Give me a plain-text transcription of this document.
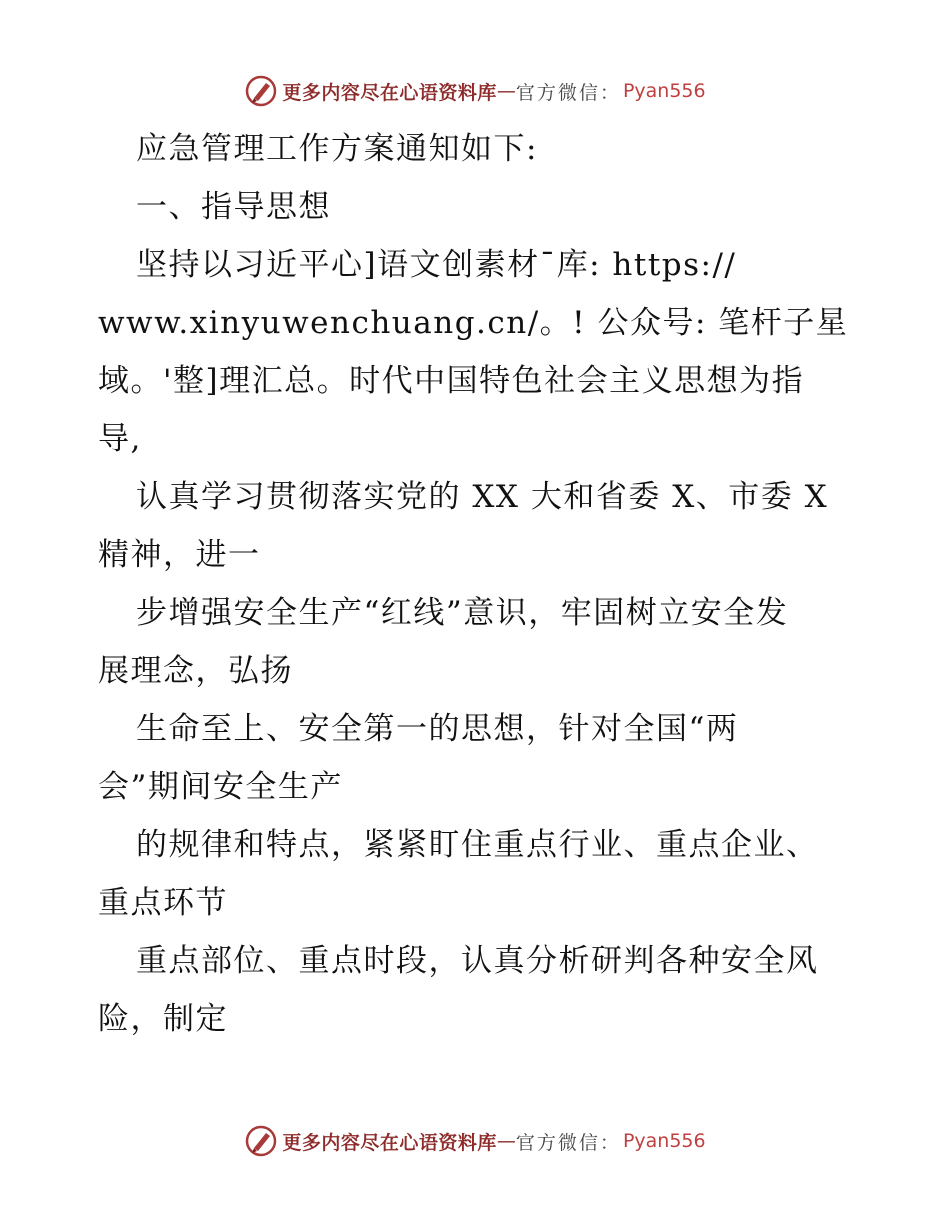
更多内容尽在心语资料库 — 官方微信 ： Pyan556
应急管理工作方案通知如下:
一、指导思想
坚持以习近平心]语文创素材¯库: https://
www.xinyuwenchuang.cn/。! 公众号: 笔杆子星
域。'整]理汇总。时代中国特色社会主义思想为指
导,
认真学习贯彻落实党的 XX 大和省委 X、市委 X
精神，进一
步增强安全生产“红线”意识，牢固树立安全发
展理念，弘扬
生命至上、安全第一的思想，针对全国“两
会”期间安全生产
的规律和特点，紧紧盯住重点行业、重点企业、
重点环节
重点部位、重点时段，认真分析研判各种安全风
险，制定
更多内容尽在心语资料库 — 官方微信 ： Pyan556
